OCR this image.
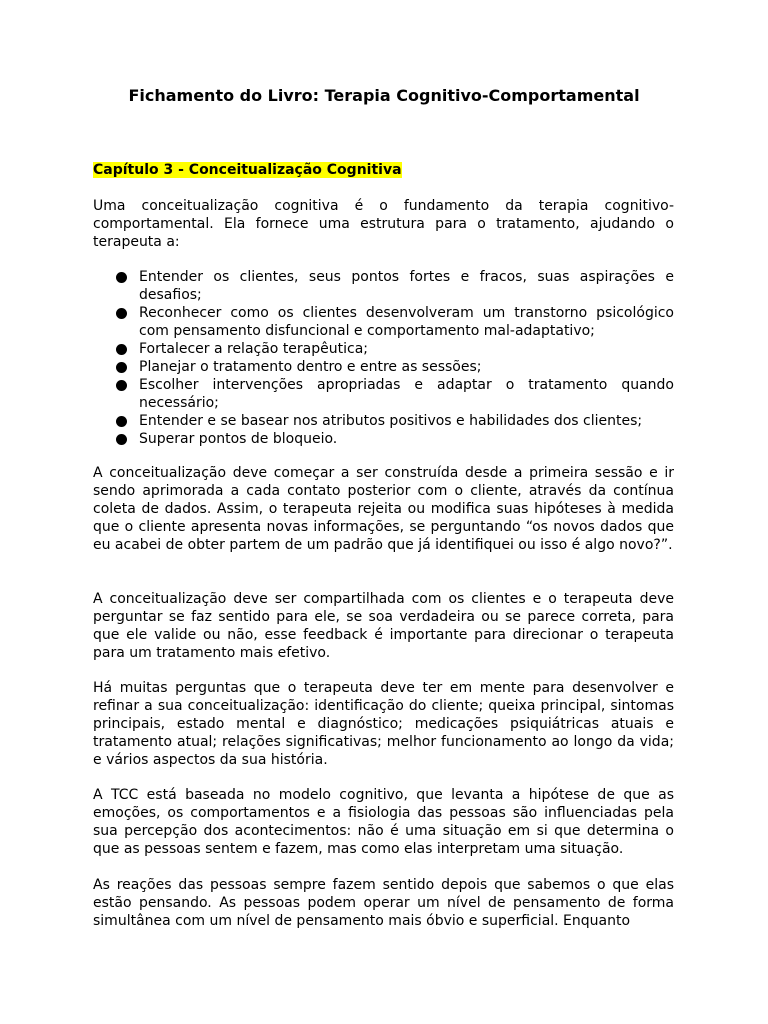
Fichamento do Livro: Terapia Cognitivo-Comportamental

Capítulo 3 - Conceitualização Cognitiva

Uma conceitualização cognitiva é o fundamento da terapia cognitivo-comportamental. Ela fornece uma estrutura para o tratamento, ajudando o terapeuta a:

Entender os clientes, seus pontos fortes e fracos, suas aspirações e desafios;
Reconhecer como os clientes desenvolveram um transtorno psicológico com pensamento disfuncional e comportamento mal-adaptativo;
Fortalecer a relação terapêutica;
Planejar o tratamento dentro e entre as sessões;
Escolher intervenções apropriadas e adaptar o tratamento quando necessário;
Entender e se basear nos atributos positivos e habilidades dos clientes;
Superar pontos de bloqueio.

A conceitualização deve começar a ser construída desde a primeira sessão e ir sendo aprimorada a cada contato posterior com o cliente, através da contínua coleta de dados. Assim, o terapeuta rejeita ou modifica suas hipóteses à medida que o cliente apresenta novas informações, se perguntando “os novos dados que eu acabei de obter partem de um padrão que já identifiquei ou isso é algo novo?”.

A conceitualização deve ser compartilhada com os clientes e o terapeuta deve perguntar se faz sentido para ele, se soa verdadeira ou se parece correta, para que ele valide ou não, esse feedback é importante para direcionar o terapeuta para um tratamento mais efetivo.

Há muitas perguntas que o terapeuta deve ter em mente para desenvolver e refinar a sua conceitualização: identificação do cliente; queixa principal, sintomas principais, estado mental e diagnóstico; medicações psiquiátricas atuais e tratamento atual; relações significativas; melhor funcionamento ao longo da vida; e vários aspectos da sua história.

A TCC está baseada no modelo cognitivo, que levanta a hipótese de que as emoções, os comportamentos e a fisiologia das pessoas são influenciadas pela sua percepção dos acontecimentos: não é uma situação em si que determina o que as pessoas sentem e fazem, mas como elas interpretam uma situação.

As reações das pessoas sempre fazem sentido depois que sabemos o que elas estão pensando. As pessoas podem operar um nível de pensamento de forma simultânea com um nível de pensamento mais óbvio e superficial. Enquanto
